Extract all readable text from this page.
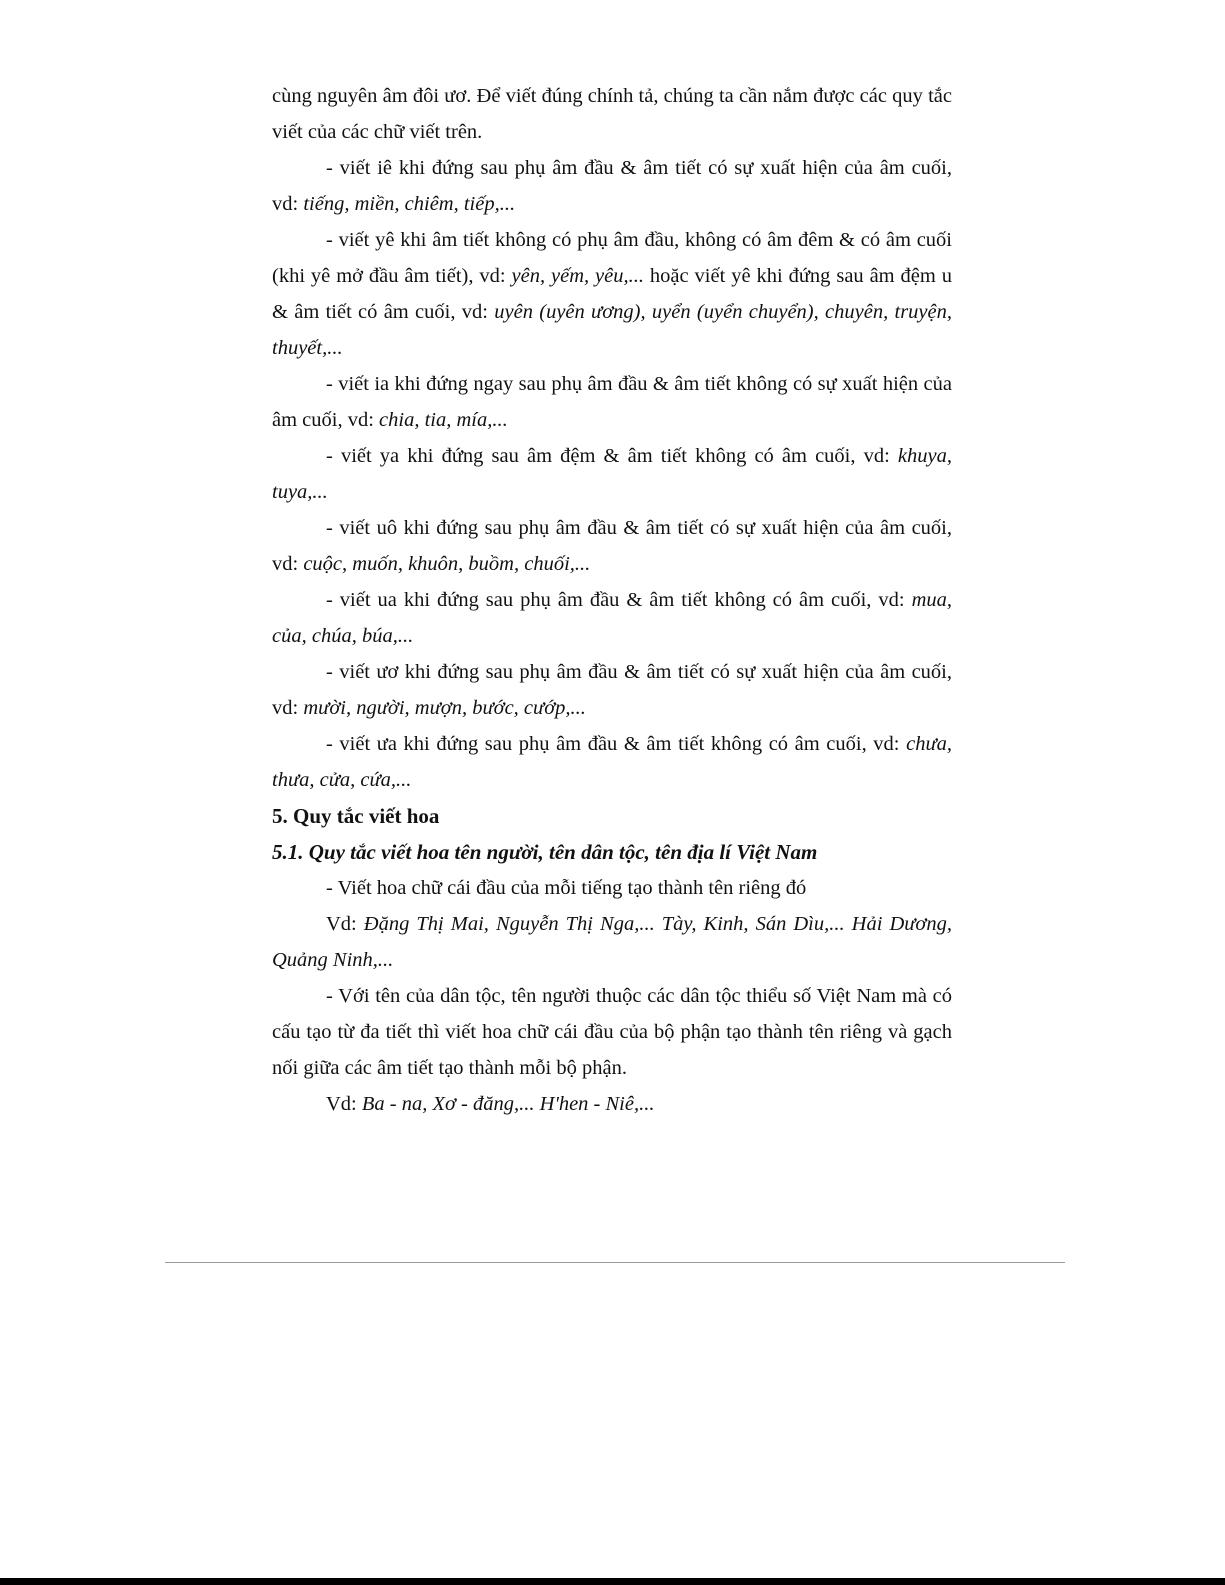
cùng nguyên âm đôi ươ. Để viết đúng chính tả, chúng ta cần nắm được các quy tắc viết của các chữ viết trên.

- viết iê khi đứng sau phụ âm đầu & âm tiết có sự xuất hiện của âm cuối, vd: tiếng, miền, chiêm, tiếp,...

- viết yê khi âm tiết không có phụ âm đầu, không có âm đêm & có âm cuối (khi yê mở đầu âm tiết), vd: yên, yếm, yêu,... hoặc viết yê khi đứng sau âm đệm u & âm tiết có âm cuối, vd: uyên (uyên ương), uyển (uyển chuyển), chuyên, truyện, thuyết,...

- viết ia khi đứng ngay sau phụ âm đầu & âm tiết không có sự xuất hiện của âm cuối, vd: chia, tia, mía,...

- viết ya khi đứng sau âm đệm & âm tiết không có âm cuối, vd: khuya, tuya,...

- viết uô khi đứng sau phụ âm đầu & âm tiết có sự xuất hiện của âm cuối, vd: cuộc, muốn, khuôn, buồm, chuối,...

- viết ua khi đứng sau phụ âm đầu & âm tiết không có âm cuối, vd: mua, của, chúa, búa,...

- viết ươ khi đứng sau phụ âm đầu & âm tiết có sự xuất hiện của âm cuối, vd: mười, người, mượn, bước, cướp,...

- viết ưa khi đứng sau phụ âm đầu & âm tiết không có âm cuối, vd: chưa, thưa, cửa, cứa,...

5. Quy tắc viết hoa

5.1. Quy tắc viết hoa tên người, tên dân tộc, tên địa lí Việt Nam

- Viết hoa chữ cái đầu của mỗi tiếng tạo thành tên riêng đó

Vd: Đặng Thị Mai, Nguyễn Thị Nga,... Tày, Kinh, Sán Dìu,... Hải Dương, Quảng Ninh,...

- Với tên của dân tộc, tên người thuộc các dân tộc thiểu số Việt Nam mà có cấu tạo từ đa tiết thì viết hoa chữ cái đầu của bộ phận tạo thành tên riêng và gạch nối giữa các âm tiết tạo thành mỗi bộ phận.

Vd: Ba - na, Xơ - đăng,... H'hen - Niê,...
